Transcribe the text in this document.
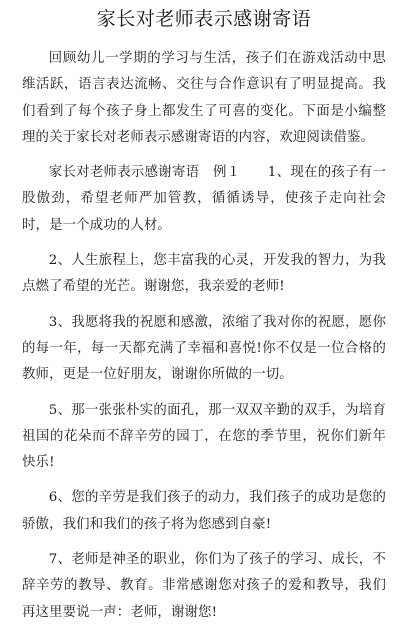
家长对老师表示感谢寄语

回顾幼儿一学期的学习与生活，孩子们在游戏活动中思维活跃，语言表达流畅、交往与合作意识有了明显提高。我们看到了每个孩子身上都发生了可喜的变化。下面是小编整理的关于家长对老师表示感谢寄语的内容，欢迎阅读借鉴。

家长对老师表示感谢寄语　例１　　1、现在的孩子有一股傲劲，希望老师严加管教，循循诱导，使孩子走向社会时，是一个成功的人材。

2、人生旅程上，您丰富我的心灵，开发我的智力，为我点燃了希望的光芒。谢谢您，我亲爱的老师!

3、我愿将我的祝愿和感激，浓缩了我对你的祝愿，愿你的每一年，每一天都充满了幸福和喜悦!你不仅是一位合格的教师，更是一位好朋友，谢谢你所做的一切。

5、那一张张朴实的面孔，那一双双辛勤的双手，为培育祖国的花朵而不辞辛劳的园丁，在您的季节里，祝你们新年快乐!

6、您的辛劳是我们孩子的动力，我们孩子的成功是您的骄傲，我们和我们的孩子将为您感到自豪!

7、老师是神圣的职业，你们为了孩子的学习、成长，不辞辛劳的教导、教育。非常感谢您对孩子的爱和教导，我们再这里要说一声：老师，谢谢您!
